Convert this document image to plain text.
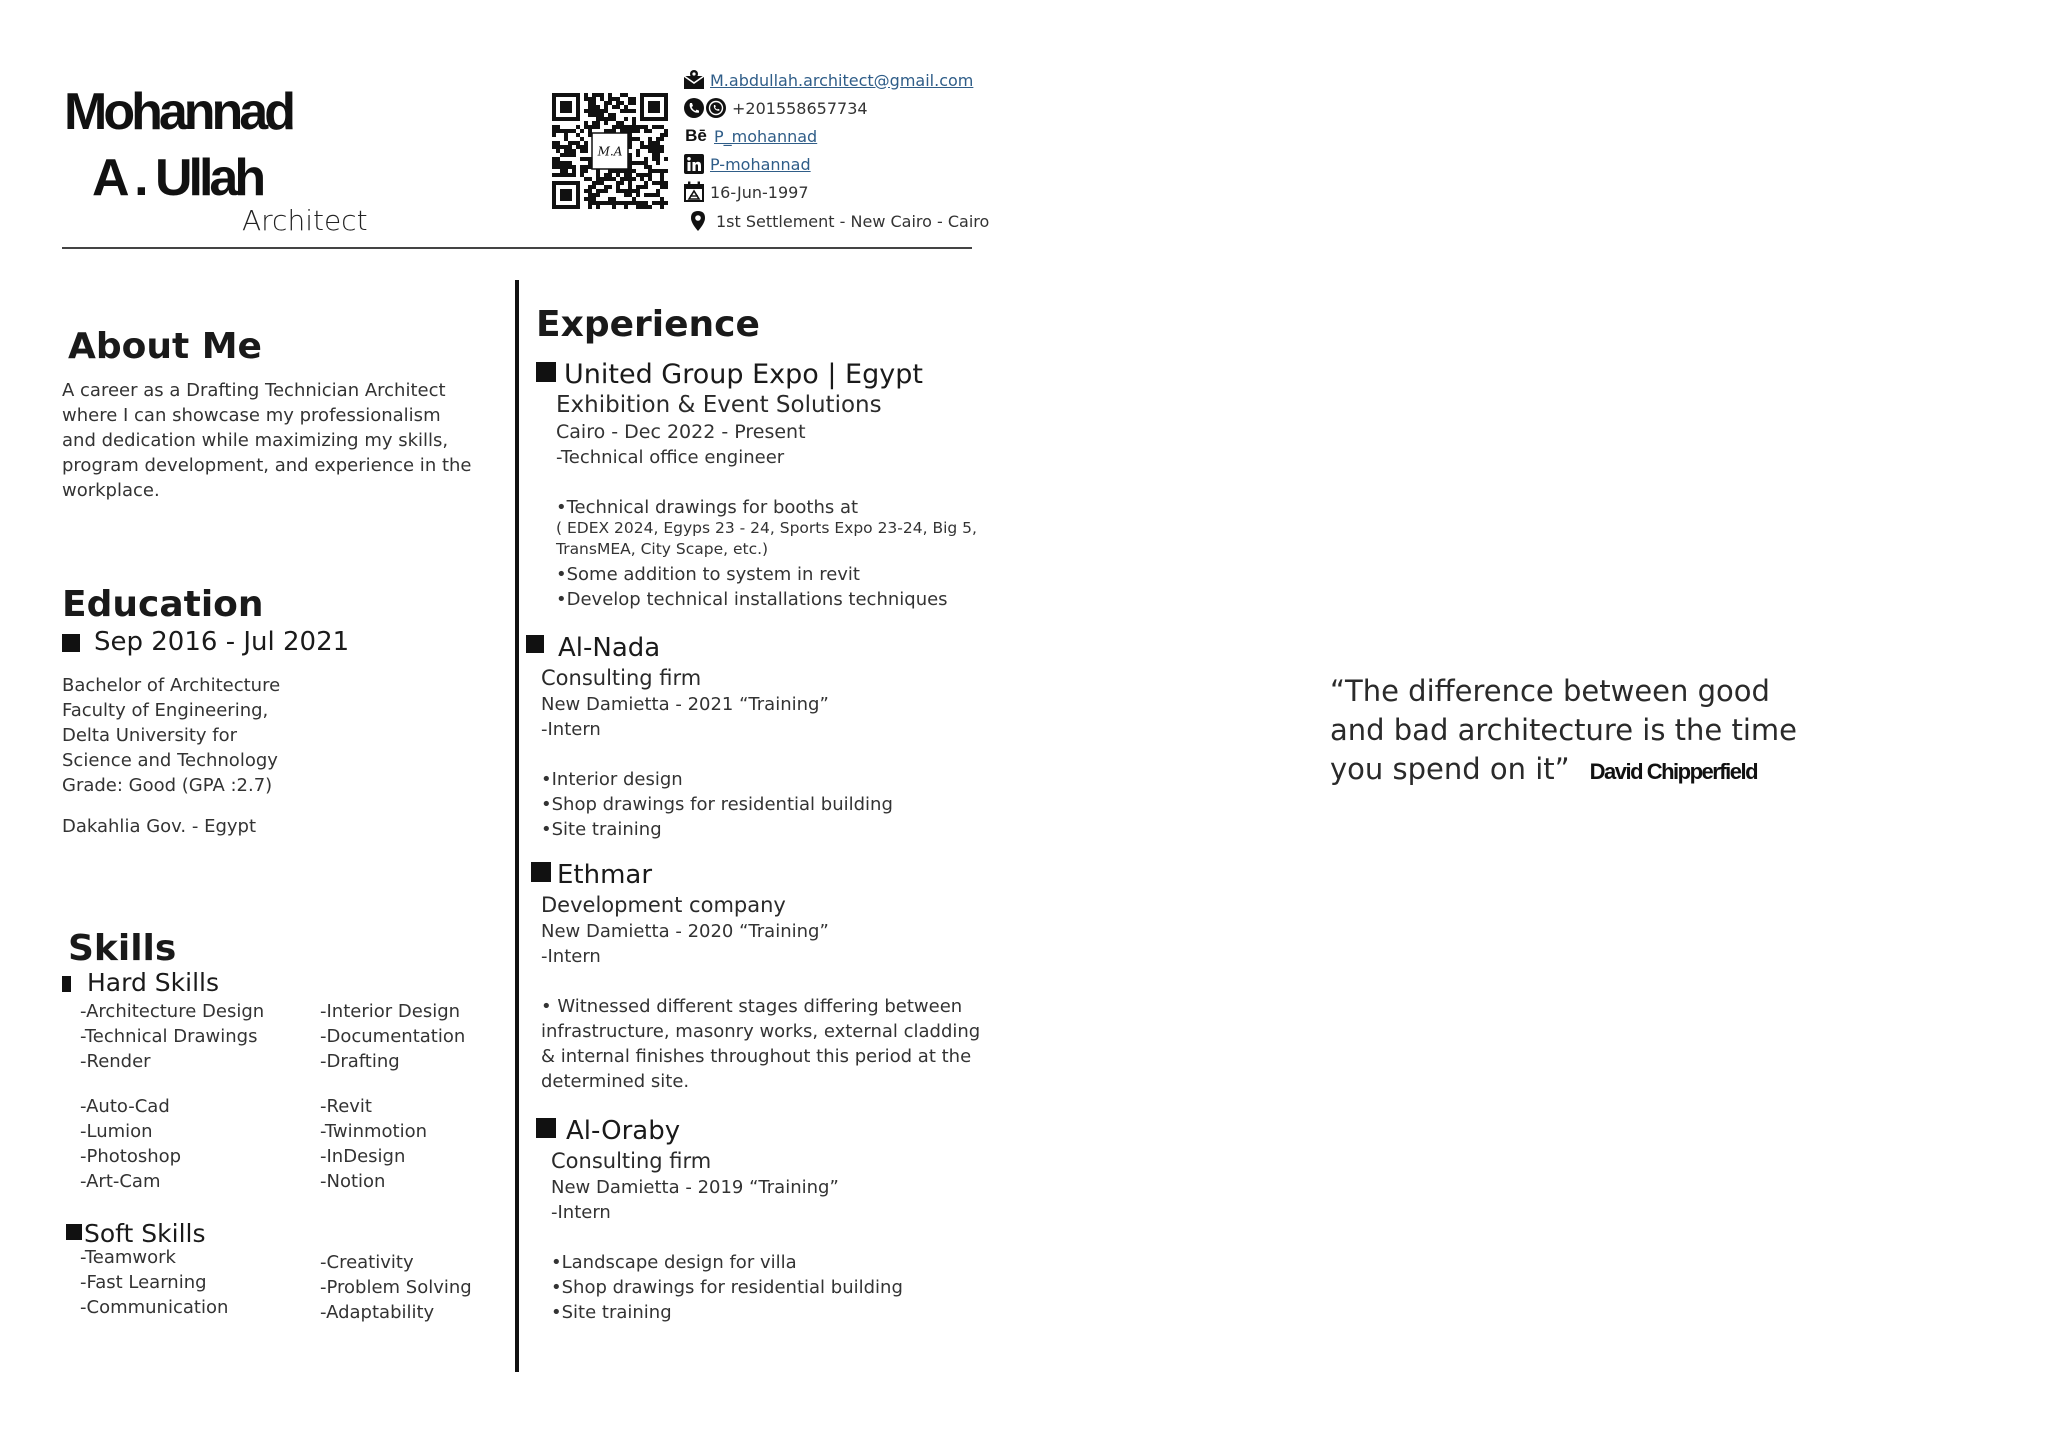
Mohannad
A . Ullah
Architect
M.A
M.abdullah.architect@gmail.com
+201558657734
Bē P_mohannad
P-mohannad
16-Jun-1997
1st Settlement - New Cairo - Cairo
About Me
A career as a Drafting Technician Architect
where I can showcase my professionalism
and dedication while maximizing my skills,
program development, and experience in the
workplace.
Education
Sep 2016 - Jul 2021
Bachelor of Architecture
Faculty of Engineering,
Delta University for
Science and Technology
Grade: Good (GPA :2.7)
Dakahlia Gov. - Egypt
Skills
Hard Skills
-Architecture Design
-Technical Drawings
-Render
-Interior Design
-Documentation
-Drafting
-Auto-Cad
-Lumion
-Photoshop
-Art-Cam
-Revit
-Twinmotion
-InDesign
-Notion
Soft Skills
-Teamwork
-Fast Learning
-Communication
-Creativity
-Problem Solving
-Adaptability
Experience
United Group Expo | Egypt
Exhibition & Event Solutions
Cairo - Dec 2022 - Present
-Technical office engineer
•Technical drawings for booths at
( EDEX 2024, Egyps 23 - 24, Sports Expo 23-24, Big 5,
TransMEA, City Scape, etc.)
•Some addition to system in revit
•Develop technical installations techniques
Al-Nada
Consulting firm
New Damietta - 2021 “Training”
-Intern
•Interior design
•Shop drawings for residential building
•Site training
Ethmar
Development company
New Damietta - 2020 “Training”
-Intern
• Witnessed different stages differing between
infrastructure, masonry works, external cladding
& internal finishes throughout this period at the
determined site.
Al-Oraby
Consulting firm
New Damietta - 2019 “Training”
-Intern
•Landscape design for villa
•Shop drawings for residential building
•Site training
“The difference between good
and bad architecture is the time
you spend on it” David Chipperfield
